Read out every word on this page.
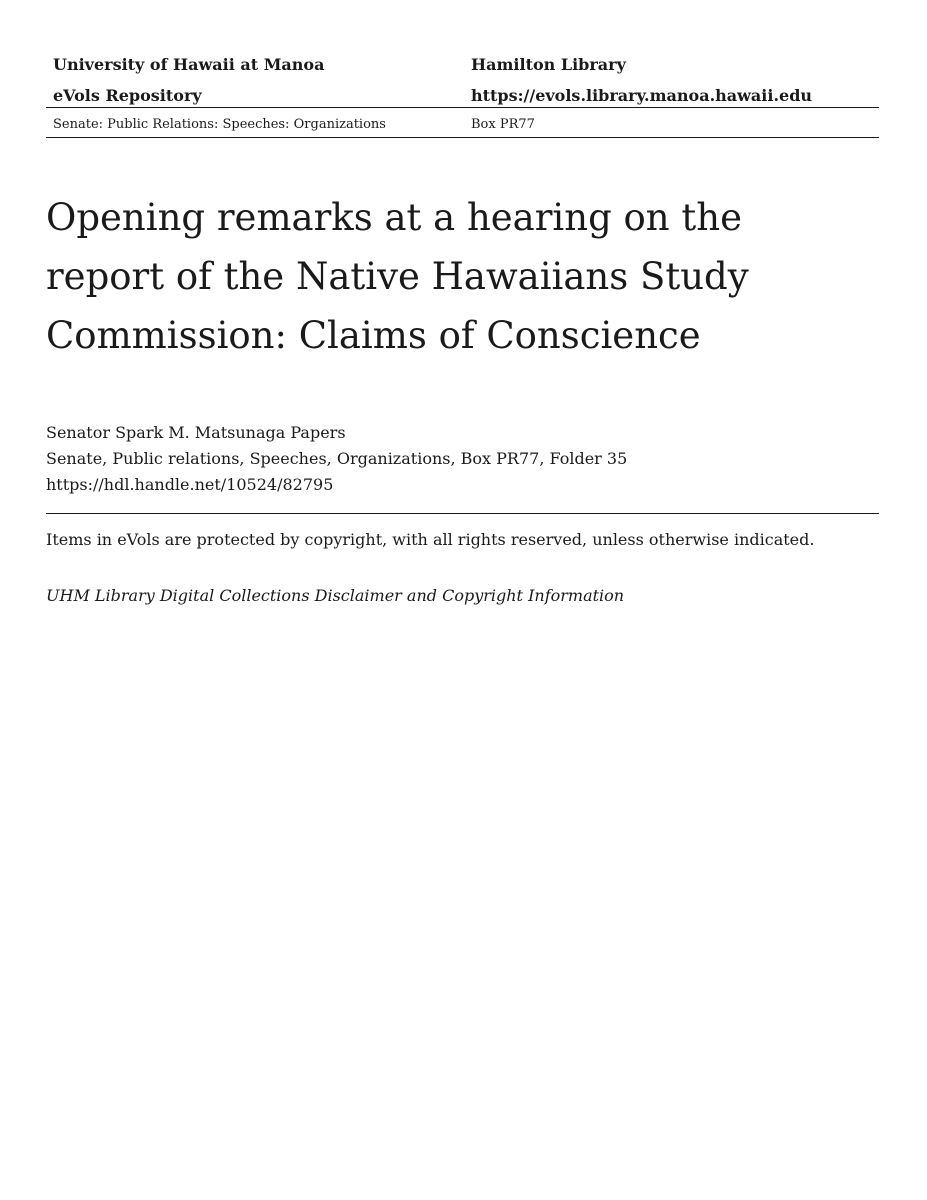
University of Hawaii at Manoa	Hamilton Library
eVols Repository	https://evols.library.manoa.hawaii.edu
Senate: Public Relations: Speeches: Organizations	Box PR77
Opening remarks at a hearing on the report of the Native Hawaiians Study Commission: Claims of Conscience
Senator Spark M. Matsunaga Papers
Senate, Public relations, Speeches, Organizations, Box PR77, Folder 35
https://hdl.handle.net/10524/82795
Items in eVols are protected by copyright, with all rights reserved, unless otherwise indicated.
UHM Library Digital Collections Disclaimer and Copyright Information
